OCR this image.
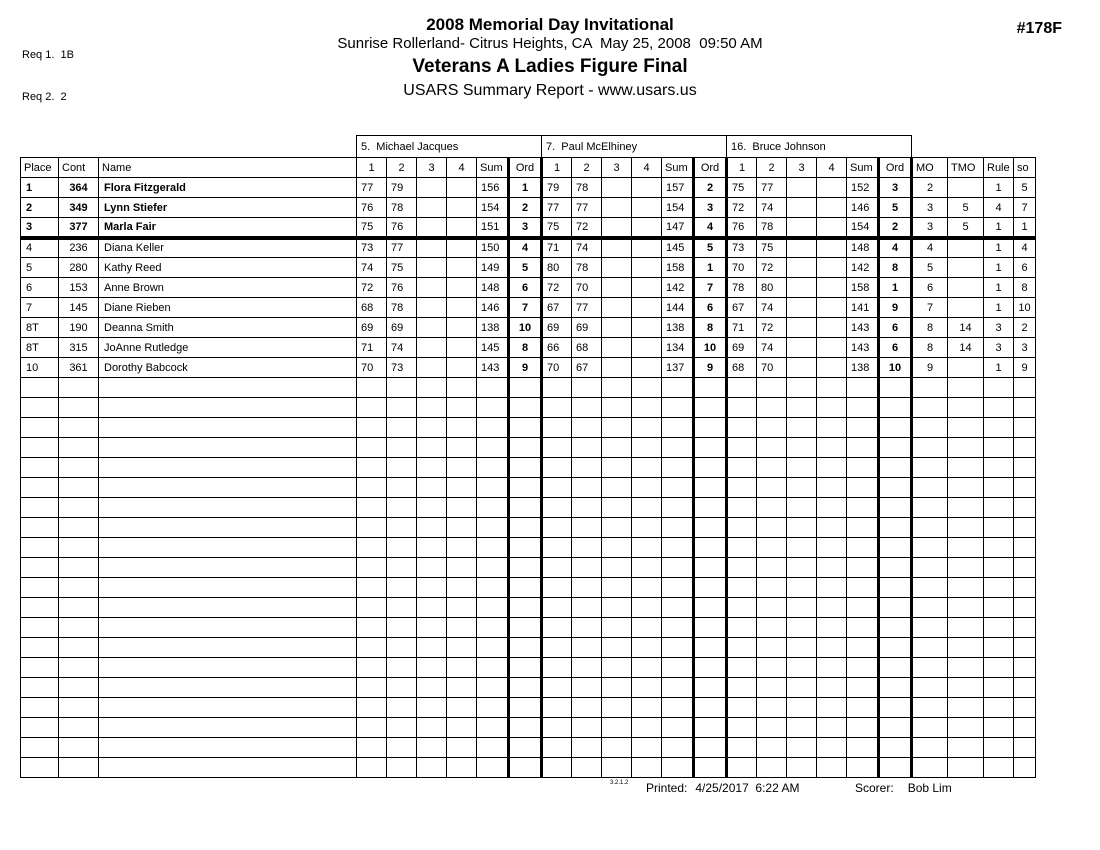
Req 1.  1B

Req 2.  2

#178F
2008 Memorial Day Invitational
Sunrise Rollerland- Citrus Heights, CA  May 25, 2008  09:50 AM
Veterans A Ladies Figure Final
USARS Summary Report - www.usars.us
			5.  Michael Jacques						7.  Paul McElhiney						16.  Bruce Johnson									
Place	Cont	Name	1	2	3	4	Sum	Ord	1	2	3	4	Sum	Ord	1	2	3	4	Sum	Ord	MO	TMO	Rule	so
1	364	Flora Fitzgerald	77	79			156	1	79	78			157	2	75	77			152	3	2		1	5
2	349	Lynn Stiefer	76	78			154	2	77	77			154	3	72	74			146	5	3	5	4	7
3	377	Marla Fair	75	76			151	3	75	72			147	4	76	78			154	2	3	5	1	1
4	236	Diana Keller	73	77			150	4	71	74			145	5	73	75			148	4	4		1	4
5	280	Kathy Reed	74	75			149	5	80	78			158	1	70	72			142	8	5		1	6
6	153	Anne Brown	72	76			148	6	72	70			142	7	78	80			158	1	6		1	8
7	145	Diane Rieben	68	78			146	7	67	77			144	6	67	74			141	9	7		1	10
8T	190	Deanna Smith	69	69			138	10	69	69			138	8	71	72			143	6	8	14	3	2
8T	315	JoAnne Rutledge	71	74			145	8	66	68			134	10	69	74			143	6	8	14	3	3
10	361	Dorothy Babcock	70	73			143	9	70	67			137	9	68	70			138	10	9		1	9

3.2.1.2 Printed: 4/25/2017  6:22 AM	Scorer: Bob Lim
